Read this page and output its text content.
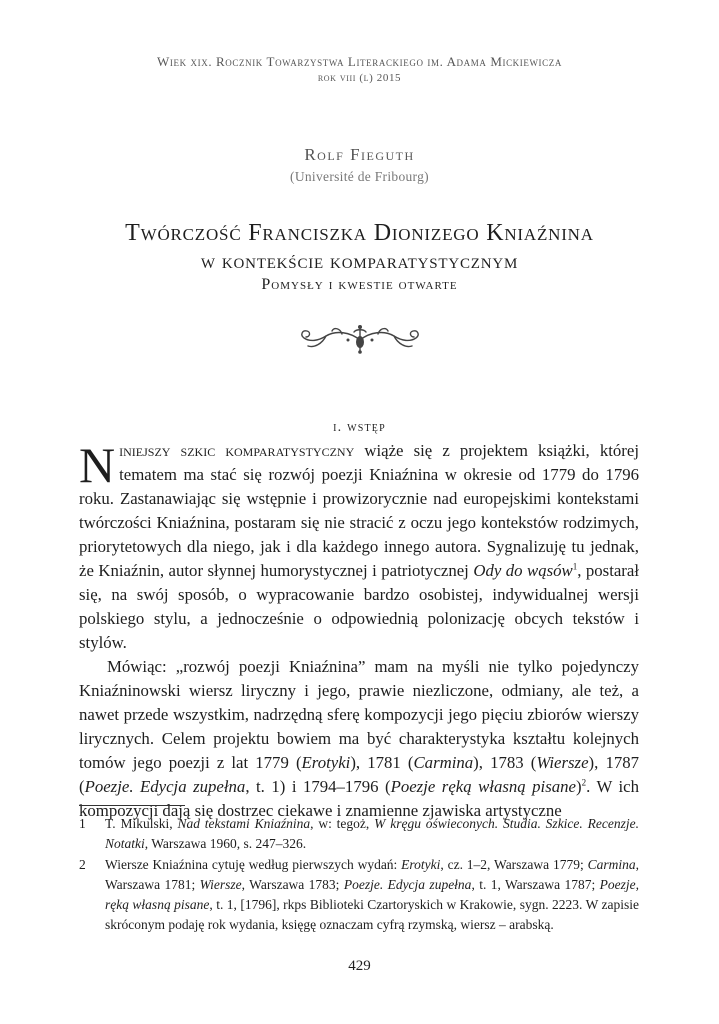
Wiek xix. Rocznik Towarzystwa Literackiego im. Adama Mickiewicza
rok viii (l) 2015
Rolf Fieguth
(Université de Fribourg)
Twórczość Franciszka Dionizego Kniaźnina
w kontekście komparatystycznym
Pomysły i kwestie otwarte
i. wstęp

Niniejszy szkic komparatystyczny wiąże się z projektem książki, której tematem ma stać się rozwój poezji Kniaźnina w okresie od 1779 do 1796 roku. Zastanawiając się wstępnie i prowizorycznie nad europejskimi kontekstami twórczości Kniaźnina, postaram się nie stracić z oczu jego kontekstów rodzimych, priorytetowych dla niego, jak i dla każdego innego autora. Sygnalizuję tu jednak, że Kniaźnin, autor słynnej humorystycznej i patriotycznej Ody do wąsów$^1$, postarał się, na swój sposób, o wypracowanie bardzo osobistej, indywidualnej wersji polskiego stylu, a jednocześnie o odpowiednią polonizację obcych tekstów i stylów.

Mówiąc: „rozwój poezji Kniaźnina” mam na myśli nie tylko pojedynczy Kniaźninowski wiersz liryczny i jego, prawie niezliczone, odmiany, ale też, a nawet przede wszystkim, nadrzędną sferę kompozycji jego pięciu zbiorów wierszy lirycznych. Celem projektu bowiem ma być charakterystyka kształtu kolejnych tomów jego poezji z lat 1779 (Erotyki), 1781 (Carmina), 1783 (Wiersze), 1787 (Poezje. Edycja zupełna, t. 1) i 1794–1796 (Poezje ręką własną pisane)$^2$. W ich kompozycji dają się dostrzec ciekawe i znamienne zjawiska artystyczne

1	T. Mikulski, Nad tekstami Kniaźnina, w: tegoż, W kręgu oświeconych. Studia. Szkice. Recenzje. Notatki, Warszawa 1960, s. 247–326.
2	Wiersze Kniaźnina cytuję według pierwszych wydań: Erotyki, cz. 1–2, Warszawa 1779; Carmina, Warszawa 1781; Wiersze, Warszawa 1783; Poezje. Edycja zupełna, t. 1, Warszawa 1787; Poezje, ręką własną pisane, t. 1, [1796], rkps Biblioteki Czartoryskich w Krakowie, sygn. 2223. W zapisie skróconym podaję rok wydania, księgę oznaczam cyfrą rzymską, wiersz – arabską.
429
